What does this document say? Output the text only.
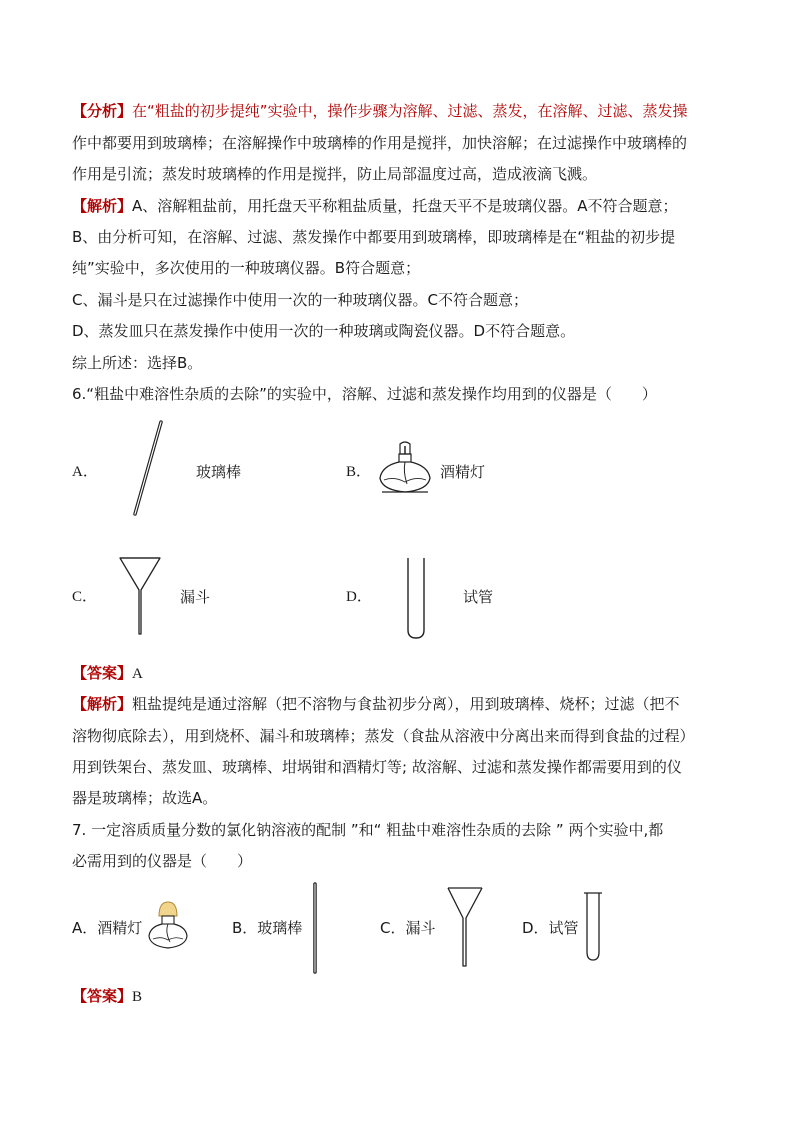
【分析】在“粗盐的初步提纯”实验中，操作步骤为溶解、过滤、蒸发，在溶解、过滤、蒸发操
作中都要用到玻璃棒；在溶解操作中玻璃棒的作用是搅拌，加快溶解；在过滤操作中玻璃棒的
作用是引流；蒸发时玻璃棒的作用是搅拌，防止局部温度过高，造成液滴飞溅。
【解析】A、溶解粗盐前，用托盘天平称粗盐质量，托盘天平不是玻璃仪器。A不符合题意；
B、由分析可知，在溶解、过滤、蒸发操作中都要用到玻璃棒，即玻璃棒是在“粗盐的初步提
纯”实验中，多次使用的一种玻璃仪器。B符合题意；
C、漏斗是只在过滤操作中使用一次的一种玻璃仪器。C不符合题意；
D、蒸发皿只在蒸发操作中使用一次的一种玻璃或陶瓷仪器。D不符合题意。
综上所述：选择B。
6.“粗盐中难溶性杂质的去除”的实验中，溶解、过滤和蒸发操作均用到的仪器是（　　）
A．	玻璃棒	B．	酒精灯
C．	漏斗	D．	试管
【答案】A
【解析】粗盐提纯是通过溶解（把不溶物与食盐初步分离），用到玻璃棒、烧杯；过滤（把不
溶物彻底除去），用到烧杯、漏斗和玻璃棒；蒸发（食盐从溶液中分离出来而得到食盐的过程）
用到铁架台、蒸发皿、玻璃棒、坩埚钳和酒精灯等; 故溶解、过滤和蒸发操作都需要用到的仪
器是玻璃棒；故选A。
7. 一定溶质质量分数的氯化钠溶液的配制 ”和“ 粗盐中难溶性杂质的去除 ” 两个实验中,都
必需用到的仪器是（　　）
A．酒精灯	B．玻璃棒	C．漏斗	D．试管
【答案】B
